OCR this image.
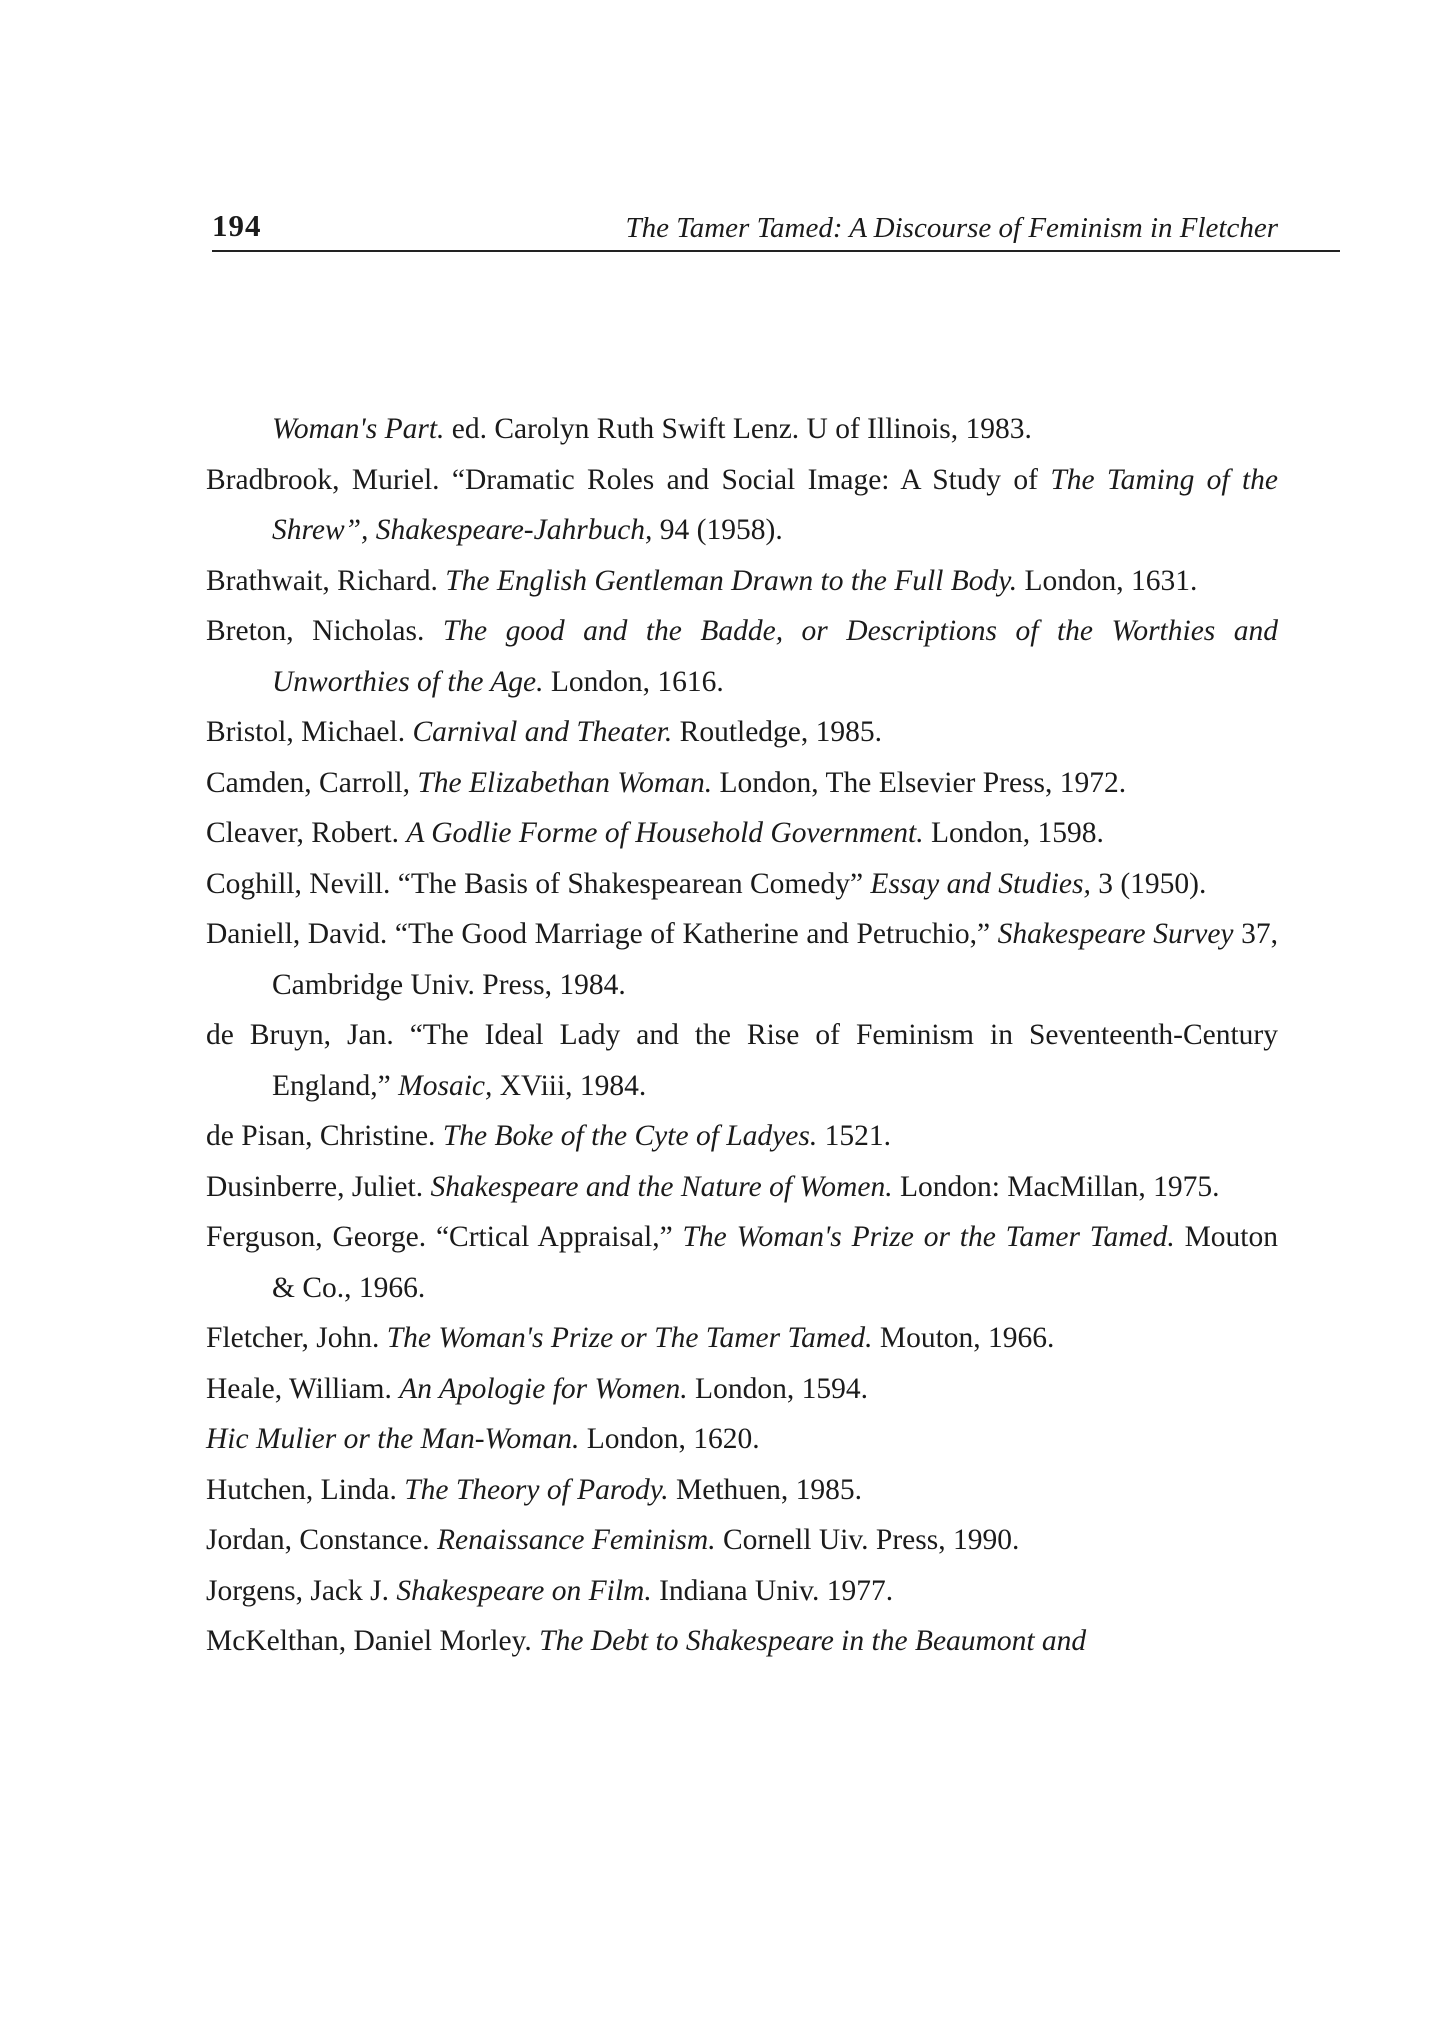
194	The Tamer Tamed: A Discourse of Feminism in Fletcher
Woman's Part. ed. Carolyn Ruth Swift Lenz. U of Illinois, 1983.
Bradbrook, Muriel. “Dramatic Roles and Social Image: A Study of The Taming of the Shrew”, Shakespeare-Jahrbuch, 94 (1958).
Brathwait, Richard. The English Gentleman Drawn to the Full Body. London, 1631.
Breton, Nicholas. The good and the Badde, or Descriptions of the Worthies and Unworthies of the Age. London, 1616.
Bristol, Michael. Carnival and Theater. Routledge, 1985.
Camden, Carroll, The Elizabethan Woman. London, The Elsevier Press, 1972.
Cleaver, Robert. A Godlie Forme of Household Government. London, 1598.
Coghill, Nevill. “The Basis of Shakespearean Comedy” Essay and Studies, 3 (1950).
Daniell, David. “The Good Marriage of Katherine and Petruchio,” Shakespeare Survey 37, Cambridge Univ. Press, 1984.
de Bruyn, Jan. “The Ideal Lady and the Rise of Feminism in Seventeenth-Century England,” Mosaic, XViii, 1984.
de Pisan, Christine. The Boke of the Cyte of Ladyes. 1521.
Dusinberre, Juliet. Shakespeare and the Nature of Women. London: MacMillan, 1975.
Ferguson, George. “Crtical Appraisal,” The Woman's Prize or the Tamer Tamed. Mouton & Co., 1966.
Fletcher, John. The Woman's Prize or The Tamer Tamed. Mouton, 1966.
Heale, William. An Apologie for Women. London, 1594.
Hic Mulier or the Man-Woman. London, 1620.
Hutchen, Linda. The Theory of Parody. Methuen, 1985.
Jordan, Constance. Renaissance Feminism. Cornell Uiv. Press, 1990.
Jorgens, Jack J. Shakespeare on Film. Indiana Univ. 1977.
McKelthan, Daniel Morley. The Debt to Shakespeare in the Beaumont and
